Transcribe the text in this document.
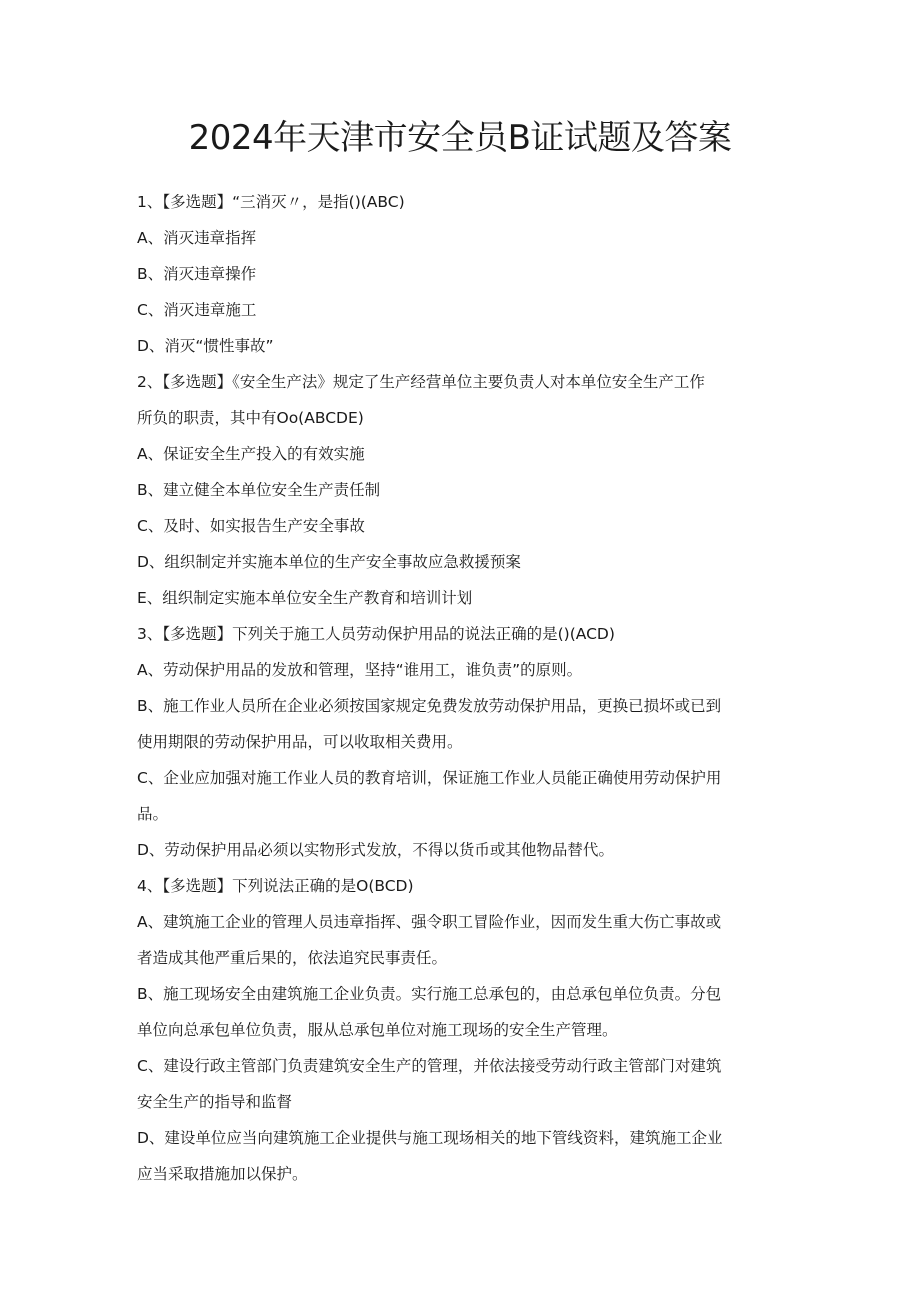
2024年天津市安全员B证试题及答案
1、【多选题】“三消灭〃，是指()(ABC)
A、消灭违章指挥
B、消灭违章操作
C、消灭违章施工
D、消灭“惯性事故”
2、【多选题】《安全生产法》规定了生产经营单位主要负责人对本单位安全生产工作
所负的职责，其中有Oo(ABCDE)
A、保证安全生产投入的有效实施
B、建立健全本单位安全生产责任制
C、及时、如实报告生产安全事故
D、组织制定并实施本单位的生产安全事故应急救援预案
E、组织制定实施本单位安全生产教育和培训计划
3、【多选题】下列关于施工人员劳动保护用品的说法正确的是()(ACD)
A、劳动保护用品的发放和管理，坚持“谁用工，谁负责”的原则。
B、施工作业人员所在企业必须按国家规定免费发放劳动保护用品，更换已损坏或已到
使用期限的劳动保护用品，可以收取相关费用。
C、企业应加强对施工作业人员的教育培训，保证施工作业人员能正确使用劳动保护用
品。
D、劳动保护用品必须以实物形式发放，不得以货币或其他物品替代。
4、【多选题】下列说法正确的是O(BCD)
A、建筑施工企业的管理人员违章指挥、强令职工冒险作业，因而发生重大伤亡事故或
者造成其他严重后果的，依法追究民事责任。
B、施工现场安全由建筑施工企业负责。实行施工总承包的，由总承包单位负责。分包
单位向总承包单位负责，服从总承包单位对施工现场的安全生产管理。
C、建设行政主管部门负责建筑安全生产的管理，并依法接受劳动行政主管部门对建筑
安全生产的指导和监督
D、建设单位应当向建筑施工企业提供与施工现场相关的地下管线资料，建筑施工企业
应当采取措施加以保护。
